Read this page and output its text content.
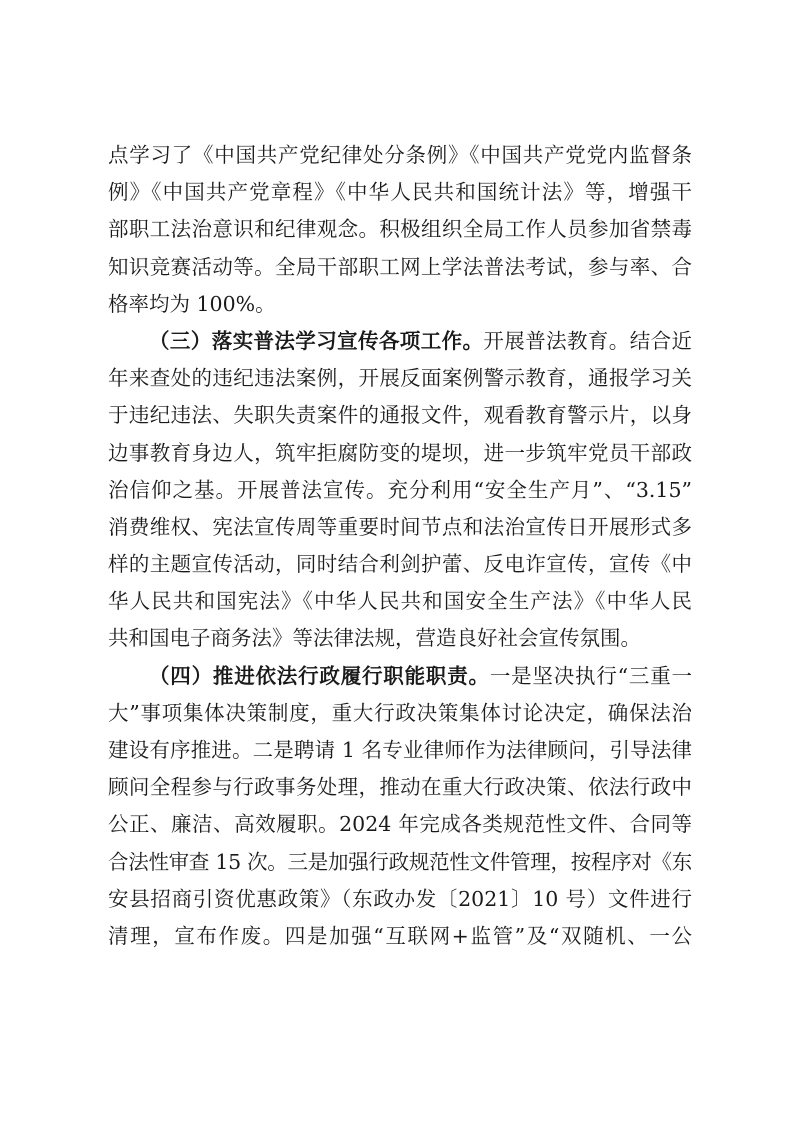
点学习了《中国共产党纪律处分条例》《中国共产党党内监督条
例》《中国共产党章程》《中华人民共和国统计法》等，增强干
部职工法治意识和纪律观念。积极组织全局工作人员参加省禁毒
知识竞赛活动等。全局干部职工网上学法普法考试，参与率、合
格率均为 100%。
（三）落实普法学习宣传各项工作。开展普法教育。结合近
年来查处的违纪违法案例，开展反面案例警示教育，通报学习关
于违纪违法、失职失责案件的通报文件，观看教育警示片，以身
边事教育身边人，筑牢拒腐防变的堤坝，进一步筑牢党员干部政
治信仰之基。开展普法宣传。充分利用“安全生产月”、“3.15”
消费维权、宪法宣传周等重要时间节点和法治宣传日开展形式多
样的主题宣传活动，同时结合利剑护蕾、反电诈宣传，宣传《中
华人民共和国宪法》《中华人民共和国安全生产法》《中华人民
共和国电子商务法》等法律法规，营造良好社会宣传氛围。
（四）推进依法行政履行职能职责。一是坚决执行“三重一
大”事项集体决策制度，重大行政决策集体讨论决定，确保法治
建设有序推进。二是聘请 1 名专业律师作为法律顾问，引导法律
顾问全程参与行政事务处理，推动在重大行政决策、依法行政中
公正、廉洁、高效履职。2024 年完成各类规范性文件、合同等
合法性审查 15 次。三是加强行政规范性文件管理，按程序对《东
安县招商引资优惠政策》（东政办发〔2021〕10 号）文件进行
清理，宣布作废。四是加强“互联网+监管”及“双随机、一公
